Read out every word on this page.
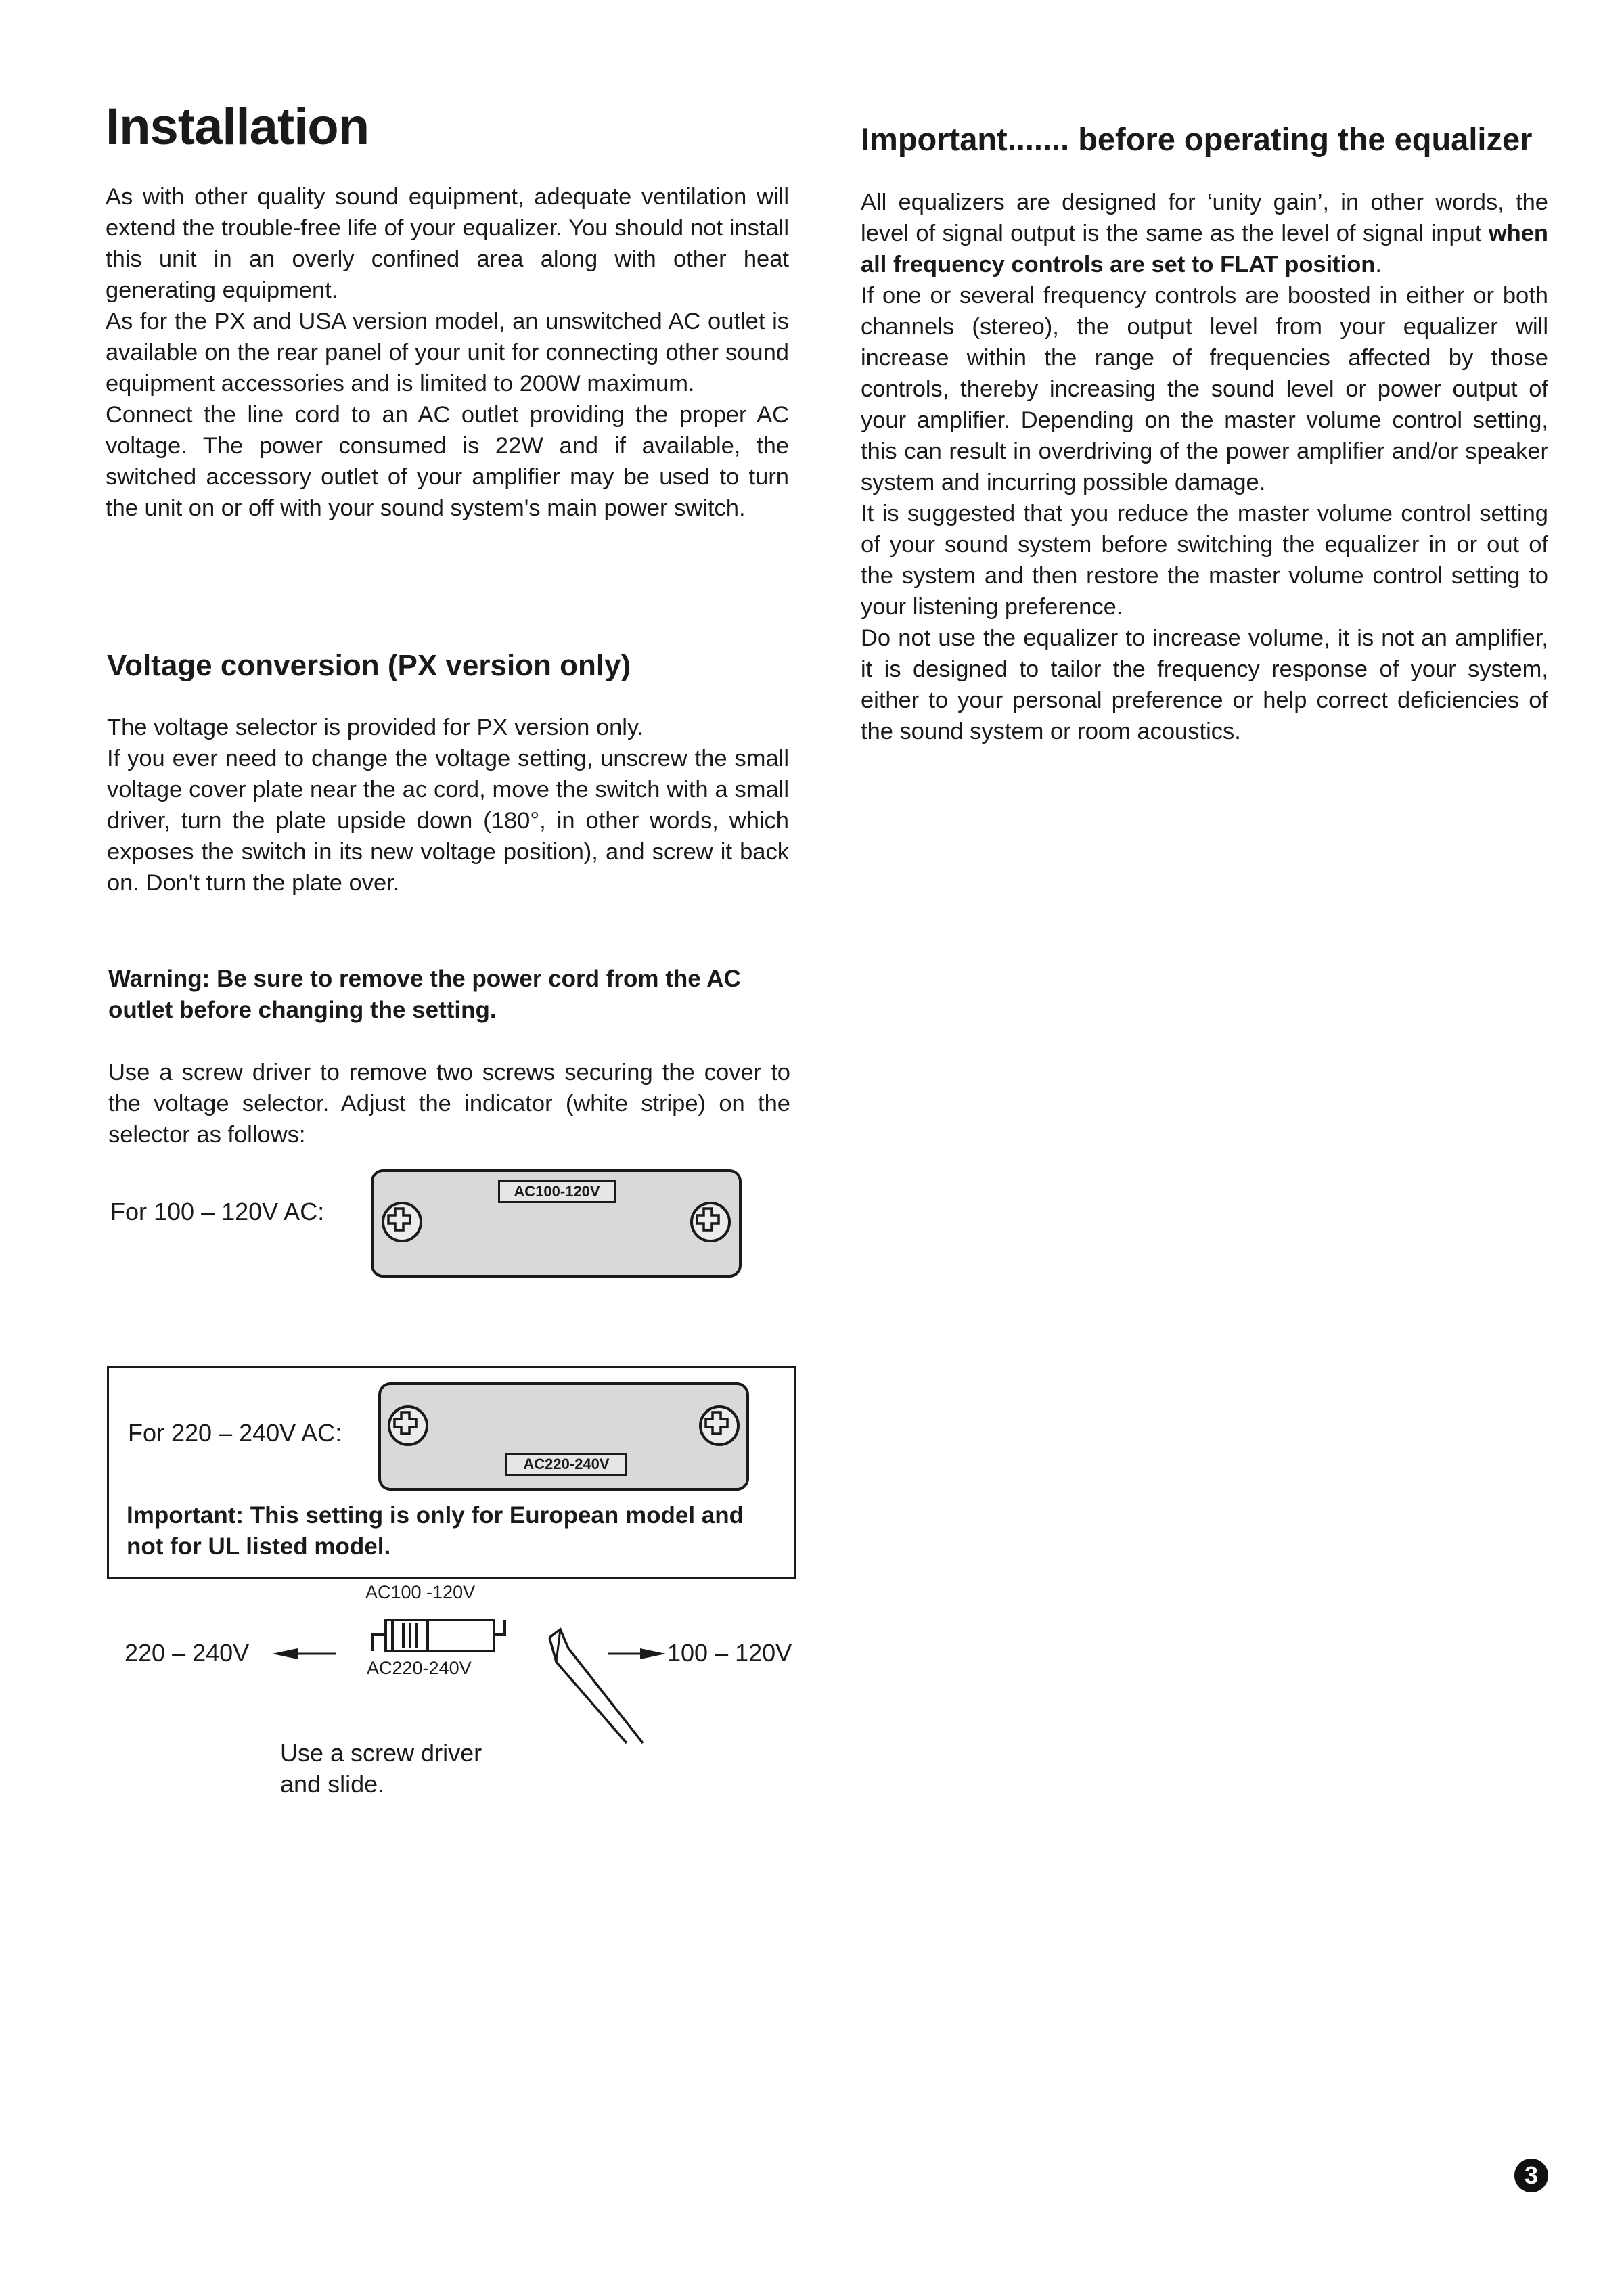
Installation

As with other quality sound equipment, adequate ventilation will extend the trouble-free life of your equalizer. You should not install this unit in an overly confined area along with other heat generating equipment.

As for the PX and USA version model, an unswitched AC outlet is available on the rear panel of your unit for connecting other sound equipment accessories and is limited to 200W maximum.

Connect the line cord to an AC outlet providing the proper AC voltage. The power consumed is 22W and if available, the switched accessory outlet of your amplifier may be used to turn the unit on or off with your sound system's main power switch.

Voltage conversion (PX version only)

The voltage selector is provided for PX version only.

If you ever need to change the voltage setting, unscrew the small voltage cover plate near the ac cord, move the switch with a small driver, turn the plate upside down (180°, in other words, which exposes the switch in its new voltage position), and screw it back on. Don't turn the plate over.

Warning: Be sure to remove the power cord from the AC outlet before changing the setting.

Use a screw driver to remove two screws securing the cover to the voltage selector. Adjust the indicator (white stripe) on the selector as follows:

For 100 – 120V AC:
AC100-120V
For 220 – 240V AC:
AC220-240V
Important: This setting is only for European model and not for UL listed model.
AC100 -120V
AC220-240V
220 – 240V	100 – 120V
Use a screw driver
and slide.
Important....... before operating the equalizer

All equalizers are designed for ‘unity gain’, in other words, the level of signal output is the same as the level of signal input when all frequency controls are set to FLAT position.

If one or several frequency controls are boosted in either or both channels (stereo), the output level from your equalizer will increase within the range of frequencies affected by those controls, thereby increasing the sound level or power output of your amplifier. Depending on the master volume control setting, this can result in overdriving of the power amplifier and/or speaker system and incurring possible damage.

It is suggested that you reduce the master volume control setting of your sound system before switching the equalizer in or out of the system and then restore the master volume control setting to your listening preference.

Do not use the equalizer to increase volume, it is not an amplifier, it is designed to tailor the frequency response of your system, either to your personal preference or help correct deficiencies of the sound system or room acoustics.

3
